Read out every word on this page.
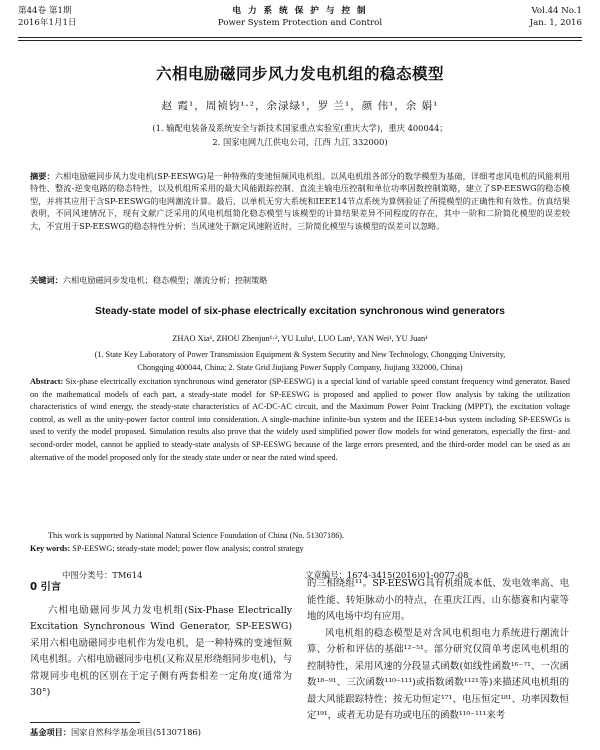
第44卷 第1期
2016年1月1日
电 力 系 统 保 护 与 控 制
Power System Protection and Control
Vol.44 No.1
Jan. 1, 2016
六相电励磁同步风力发电机组的稳态模型
赵 霞¹，周祯钧¹·²，余渌绿¹，罗 兰¹，颜 伟¹，余 娟¹
(1. 输配电装备及系统安全与新技术国家重点实验室(重庆大学)，重庆 400044；
2. 国家电网九江供电公司，江西 九江 332000)
摘要：六相电励磁同步风力发电机(SP-EESWG)是一种特殊的变速恒频风电机组。以风电机组各部分的数学模型为基础，详细考虑风电机的风能利用特性、整流-逆变电路的稳态特性，以及机组所采用的最大风能跟踪控制、直流主输电压控制和单位功率因数控制策略，建立了SP-EESWG的稳态模型，并将其应用于含SP-EESWG的电网潮流计算。最后，以单机无穷大系统和IEEE14节点系统为算例验证了所提模型的正确性和有效性。仿真结果表明，不同风速情况下，现有文献广泛采用的风电机组简化稳态模型与该模型的计算结果差异不同程度的存在，其中一阶和二阶简化模型的误差较大，不宜用于SP-EESWG的稳态特性分析；当风速处于额定风速附近时，三阶简化模型与该模型的误差可以忽略。
关键词：六相电励磁同步发电机；稳态模型；潮流分析；控制策略
Steady-state model of six-phase electrically excitation synchronous wind generators
ZHAO Xia¹, ZHOU Zhenjun¹·², YU Lulu¹, LUO Lan¹, YAN Wei¹, YU Juan¹
(1. State Key Laboratory of Power Transmission Equipment & System Security and New Technology, Chongqing University,
Chongqing 400044, China; 2. State Grid Jiujiang Power Supply Company, Jiujiang 332000, China)
Abstract: Six-phase electrically excitation synchronous wind generator (SP-EESWG) is a special kind of variable speed constant frequency wind generator. Based on the mathematical models of each part, a steady-state model for SP-EESWG is proposed and applied to power flow analysis by taking the utilization characteristics of wind energy, the steady-state characteristics of AC-DC-AC circuit, and the Maximum Power Point Tracking (MPPT), the excitation voltage control, as well as the unity-power factor control into consideration. A single-machine infinite-bus system and the IEEE14-bus system including SP-EESWGs is used to verify the model proposed. Simulation results also prove that the widely used simplified power flow models for wind generators, especially the first- and second-order model, cannot be applied to steady-state analysis of SP-EESWG because of the large errors presented, and the third-order model can be used as an alternative of the model proposed only for the steady state under or near the rated wind speed.
This work is supported by National Natural Science Foundation of China (No. 51307186).
Key words: SP-EESWG; steady-state model; power flow analysis; control strategy
中图分类号：TM614	文章编号：1674-3415(2016)01-0077-08
0 引言

六相电励磁同步风力发电机组(Six-Phase Electrically Excitation Synchronous Wind Generator, SP-EESWG)采用六相电励磁同步电机作为发电机，是一种特殊的变速恒频风电机组。六相电励磁同步电机(又称双星形绕组同步电机)，与常规同步电机的区别在于定子侧有两套相差一定角度(通常为30°)

的三相绕组¹¹。SP-EESWG具有机组成本低、发电效率高、电能性能、转矩脉动小的特点，在重庆江西、山东德赛和内蒙等地的风电场中均有应用。

风电机组的稳态模型是对含风电机组电力系统进行潮流计算、分析和评估的基础¹²⁻⁵¹。部分研究仅简单考虑风电机组的控制特性，采用风速的分段显式函数(如线性函数¹⁶⁻⁷¹、一次函数¹⁸⁻⁹¹、三次函数¹¹⁰⁻¹¹¹)或指数函数¹¹²¹等)来描述风电机组的最大风能跟踪特性；按无功恒定¹⁷¹、电压恒定¹⁸¹、功率因数恒定¹⁹¹，或者无功是有功或电压的函数¹¹⁰⁻¹¹¹来考

基金项目：国家自然科学基金项目(51307186)
